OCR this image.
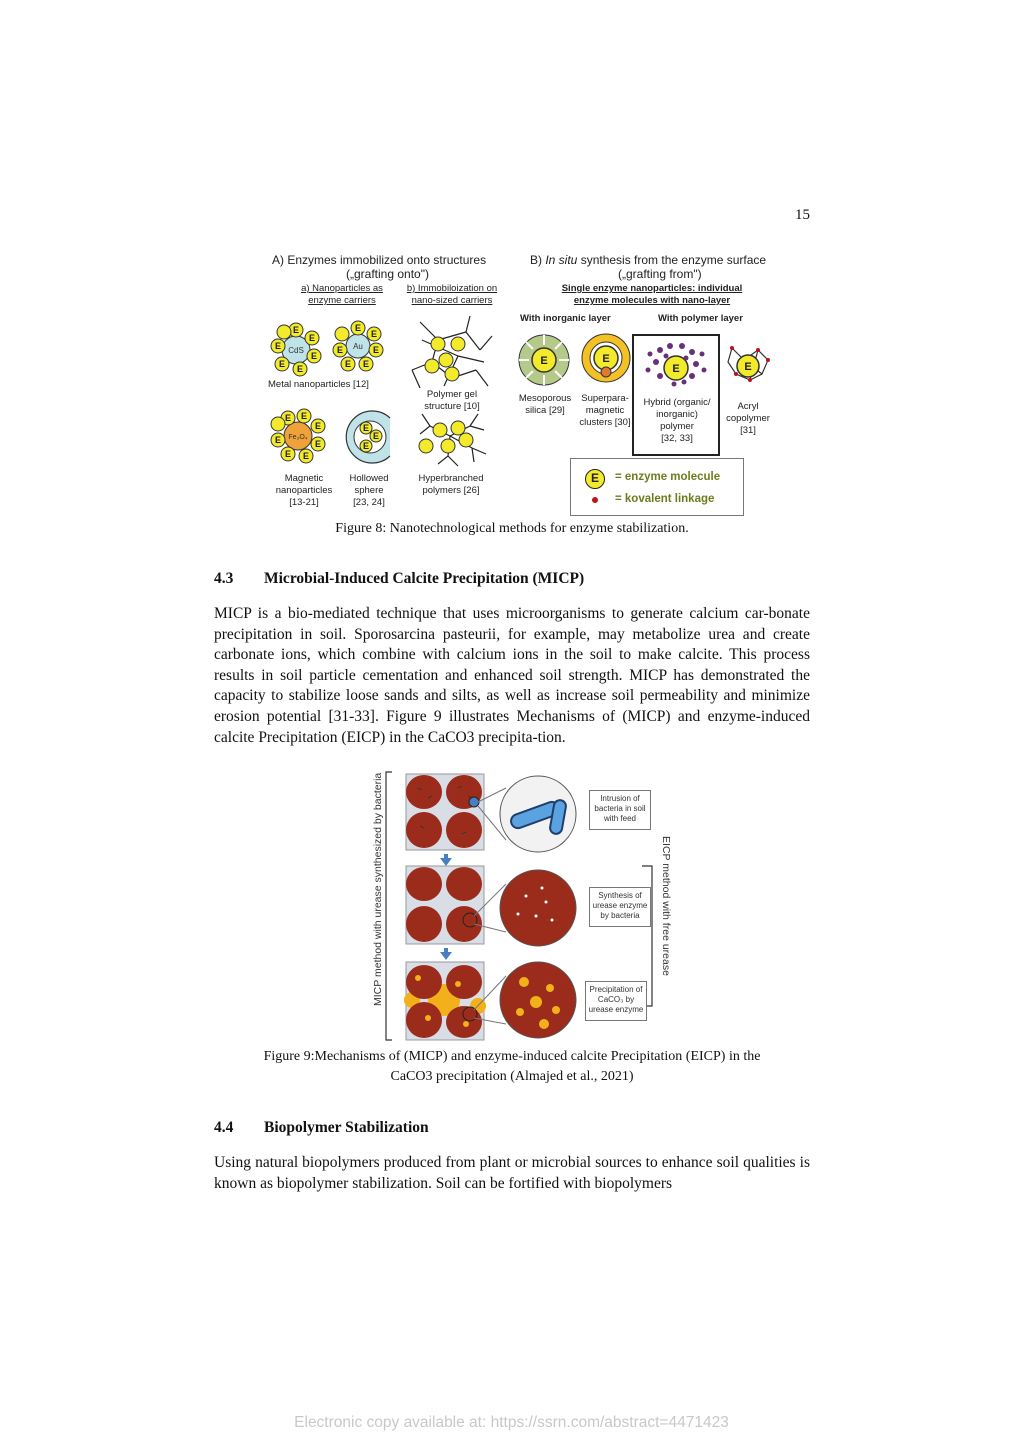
15
E
E
E
E
E
E
E
E
E
E
E
E
E E
E
E
E
E
E
E
E
E
E	E
E	E
CdS	Au
Fe₃O₄
A) Enzymes immobilized onto structures
(„grafting onto")
a) Nanoparticles as
enzyme carriers
b) Immobiloization on
nano-sized carriers
Metal nanoparticles [12]
Polymer gel
structure [10]
Magnetic
nanoparticles
[13-21]
Hollowed
sphere
[23, 24]
Hyperbranched
polymers [26]
B) In situ synthesis from the enzyme surface
(„grafting from")
Single enzyme nanoparticles: individual
enzyme molecules with nano-layer
With inorganic layer	With polymer layer
Mesoporous
silica [29]
Superpara-
magnetic
clusters [30]
Hybrid (organic/
inorganic)
polymer
[32, 33]
Acryl
copolymer
[31]
E	= enzyme molecule
= kovalent linkage
Figure 8: Nanotechnological methods for enzyme stabilization.
4.3 Microbial-Induced Calcite Precipitation (MICP)
MICP is a bio-mediated technique that uses microorganisms to generate calcium car-bonate precipitation in soil. Sporosarcina pasteurii, for example, may metabolize urea and create carbonate ions, which combine with calcium ions in the soil to make calcite. This process results in soil particle cementation and enhanced soil strength. MICP has demonstrated the capacity to stabilize loose sands and silts, as well as increase soil permeability and minimize erosion potential [31-33]. Figure 9 illustrates Mechanisms of (MICP) and enzyme-induced calcite Precipitation (EICP) in the CaCO3 precipita-tion.
MICP method with urease synthesized by bacteria	EICP method with free urease
Intrusion of bacteria in soil with feed
Synthesis of urease enzyme by bacteria
Precipitation of CaCO₃ by urease enzyme
Figure 9:Mechanisms of (MICP) and enzyme-induced calcite Precipitation (EICP) in the
CaCO3 precipitation (Almajed et al., 2021)
4.4 Biopolymer Stabilization
Using natural biopolymers produced from plant or microbial sources to enhance soil qualities is known as biopolymer stabilization. Soil can be fortified with biopolymers
Electronic copy available at: https://ssrn.com/abstract=4471423
